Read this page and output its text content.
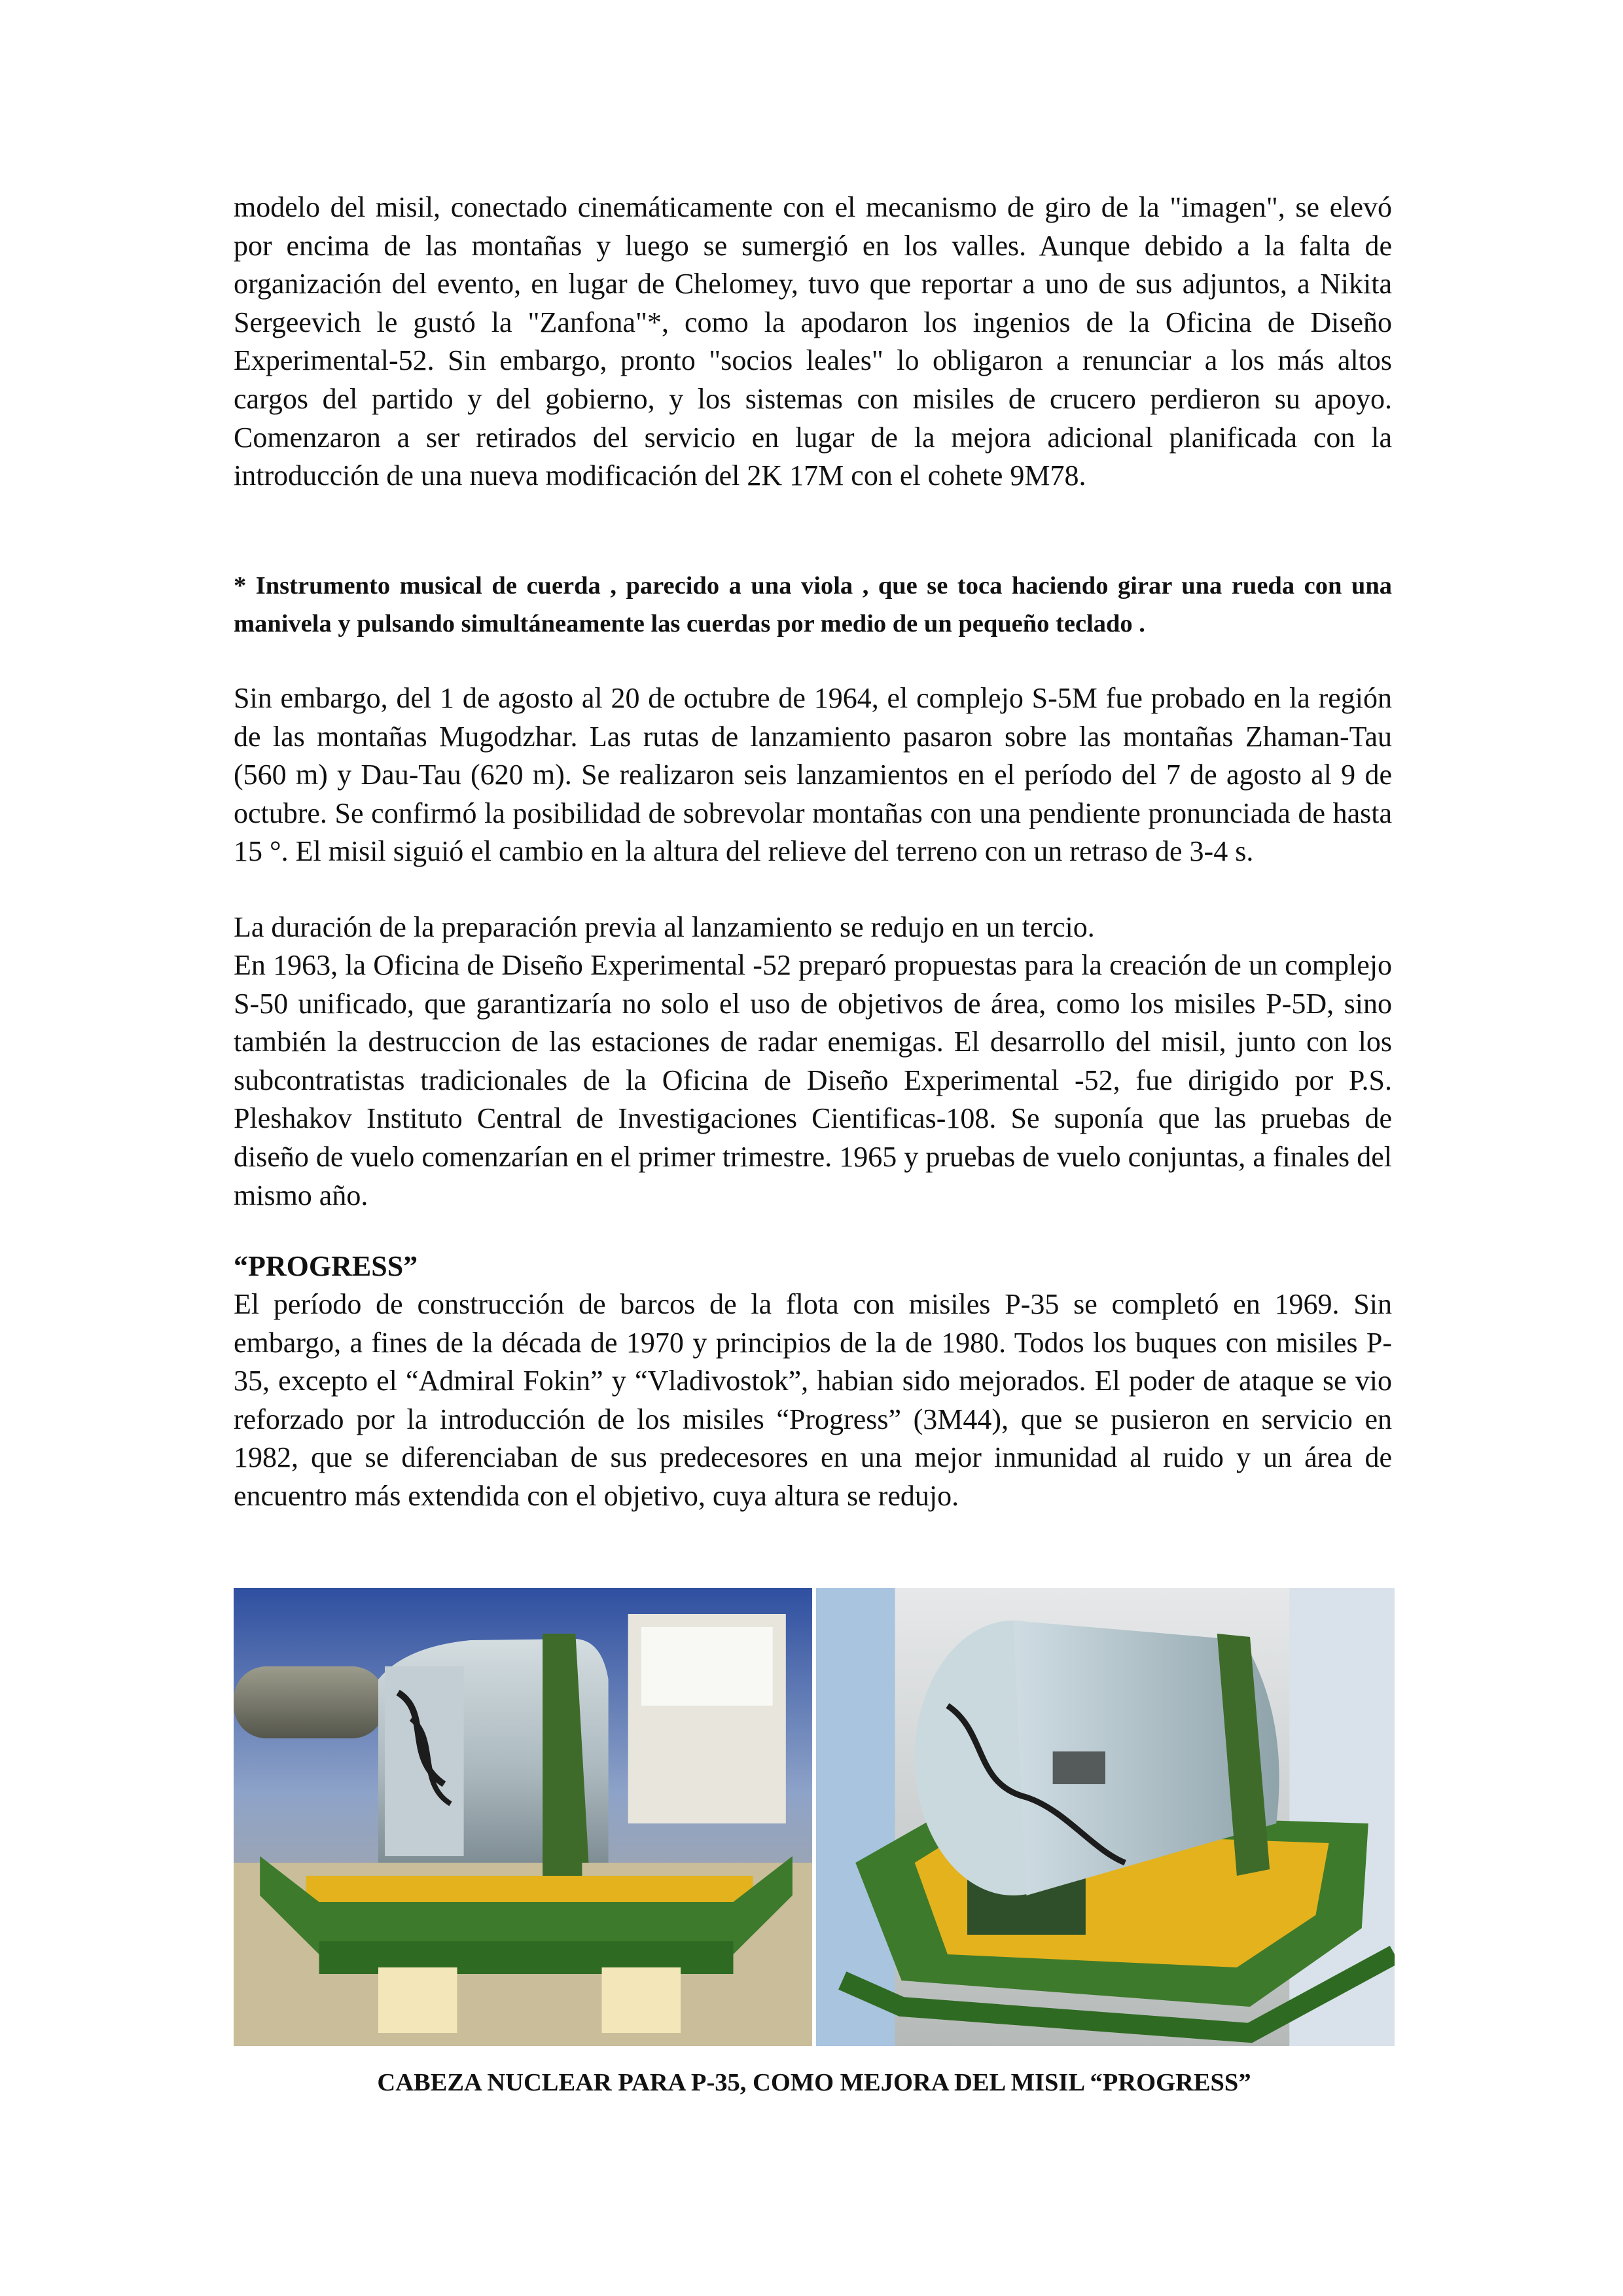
modelo del misil, conectado cinemáticamente con el mecanismo de giro de la "imagen", se elevó por encima de las montañas y luego se sumergió en los valles. Aunque debido a la falta de organización del evento, en lugar de Chelomey, tuvo que reportar a uno de sus adjuntos, a Nikita Sergeevich le gustó la "Zanfona"*, como la apodaron los ingenios de la Oficina de Diseño Experimental-52. Sin embargo, pronto "socios leales" lo obligaron a renunciar a los más altos cargos del partido y del gobierno, y los sistemas con misiles de crucero perdieron su apoyo. Comenzaron a ser retirados del servicio en lugar de la mejora adicional planificada con la introducción de una nueva modificación del 2K 17M con el cohete 9M78.

* Instrumento musical de cuerda , parecido a una viola , que se toca haciendo girar una rueda con una manivela y pulsando simultáneamente las cuerdas por medio de un pequeño teclado .

Sin embargo, del 1 de agosto al 20 de octubre de 1964, el complejo S-5M fue probado en la región de las montañas Mugodzhar. Las rutas de lanzamiento pasaron sobre las montañas Zhaman-Tau (560 m) y Dau-Tau (620 m). Se realizaron seis lanzamientos en el período del 7 de agosto al 9 de octubre. Se confirmó la posibilidad de sobrevolar montañas con una pendiente pronunciada de hasta 15 °. El misil siguió el cambio en la altura del relieve del terreno con un retraso de 3-4 s.

La duración de la preparación previa al lanzamiento se redujo en un tercio.

En 1963, la Oficina de Diseño Experimental -52 preparó propuestas para la creación de un complejo S-50 unificado, que garantizaría no solo el uso de objetivos de área, como los misiles P-5D, sino también la destruccion de las estaciones de radar enemigas. El desarrollo del misil, junto con los subcontratistas tradicionales de la Oficina de Diseño Experimental -52, fue dirigido por P.S. Pleshakov Instituto Central de Investigaciones Cientificas-108. Se suponía que las pruebas de diseño de vuelo comenzarían en el primer trimestre. 1965 y pruebas de vuelo conjuntas, a finales del mismo año.

“PROGRESS”

El período de construcción de barcos de la flota con misiles P-35 se completó en 1969. Sin embargo, a fines de la década de 1970 y principios de la de 1980. Todos los buques con misiles P-35, excepto el “Admiral Fokin” y “Vladivostok”, habian sido mejorados. El poder de ataque se vio reforzado por la introducción de los misiles “Progress” (3M44), que se pusieron en servicio en 1982, que se diferenciaban de sus predecesores en una mejor inmunidad al ruido y un área de encuentro más extendida con el objetivo, cuya altura se redujo.

CABEZA NUCLEAR PARA P-35, COMO MEJORA DEL MISIL “PROGRESS”
